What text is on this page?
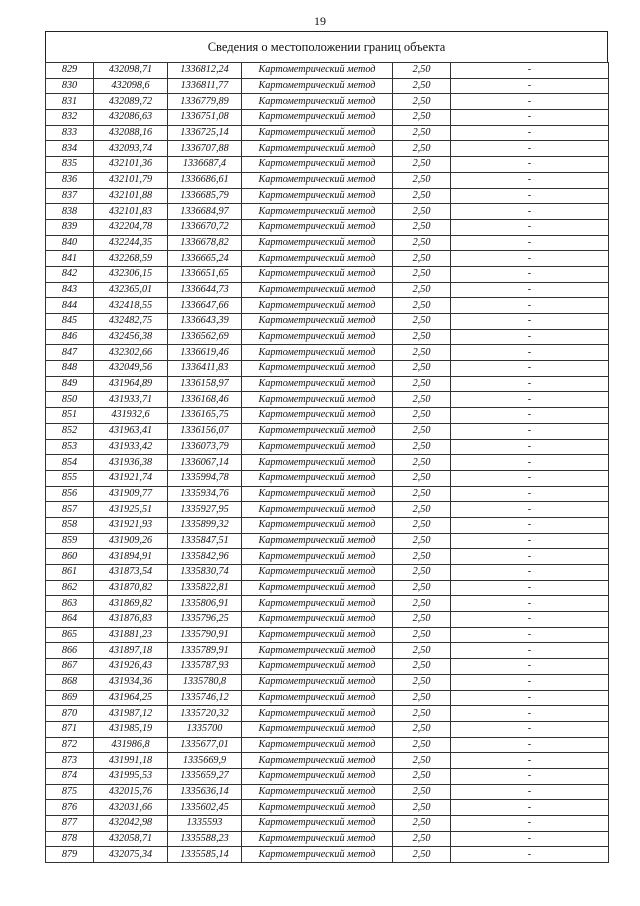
19
Сведения о местоположении границ объекта
829	432098,71	1336812,24	Картометрический метод	2,50	-
830	432098,6	1336811,77	Картометрический метод	2,50	-
831	432089,72	1336779,89	Картометрический метод	2,50	-
832	432086,63	1336751,08	Картометрический метод	2,50	-
833	432088,16	1336725,14	Картометрический метод	2,50	-
834	432093,74	1336707,88	Картометрический метод	2,50	-
835	432101,36	1336687,4	Картометрический метод	2,50	-
836	432101,79	1336686,61	Картометрический метод	2,50	-
837	432101,88	1336685,79	Картометрический метод	2,50	-
838	432101,83	1336684,97	Картометрический метод	2,50	-
839	432204,78	1336670,72	Картометрический метод	2,50	-
840	432244,35	1336678,82	Картометрический метод	2,50	-
841	432268,59	1336665,24	Картометрический метод	2,50	-
842	432306,15	1336651,65	Картометрический метод	2,50	-
843	432365,01	1336644,73	Картометрический метод	2,50	-
844	432418,55	1336647,66	Картометрический метод	2,50	-
845	432482,75	1336643,39	Картометрический метод	2,50	-
846	432456,38	1336562,69	Картометрический метод	2,50	-
847	432302,66	1336619,46	Картометрический метод	2,50	-
848	432049,56	1336411,83	Картометрический метод	2,50	-
849	431964,89	1336158,97	Картометрический метод	2,50	-
850	431933,71	1336168,46	Картометрический метод	2,50	-
851	431932,6	1336165,75	Картометрический метод	2,50	-
852	431963,41	1336156,07	Картометрический метод	2,50	-
853	431933,42	1336073,79	Картометрический метод	2,50	-
854	431936,38	1336067,14	Картометрический метод	2,50	-
855	431921,74	1335994,78	Картометрический метод	2,50	-
856	431909,77	1335934,76	Картометрический метод	2,50	-
857	431925,51	1335927,95	Картометрический метод	2,50	-
858	431921,93	1335899,32	Картометрический метод	2,50	-
859	431909,26	1335847,51	Картометрический метод	2,50	-
860	431894,91	1335842,96	Картометрический метод	2,50	-
861	431873,54	1335830,74	Картометрический метод	2,50	-
862	431870,82	1335822,81	Картометрический метод	2,50	-
863	431869,82	1335806,91	Картометрический метод	2,50	-
864	431876,83	1335796,25	Картометрический метод	2,50	-
865	431881,23	1335790,91	Картометрический метод	2,50	-
866	431897,18	1335789,91	Картометрический метод	2,50	-
867	431926,43	1335787,93	Картометрический метод	2,50	-
868	431934,36	1335780,8	Картометрический метод	2,50	-
869	431964,25	1335746,12	Картометрический метод	2,50	-
870	431987,12	1335720,32	Картометрический метод	2,50	-
871	431985,19	1335700	Картометрический метод	2,50	-
872	431986,8	1335677,01	Картометрический метод	2,50	-
873	431991,18	1335669,9	Картометрический метод	2,50	-
874	431995,53	1335659,27	Картометрический метод	2,50	-
875	432015,76	1335636,14	Картометрический метод	2,50	-
876	432031,66	1335602,45	Картометрический метод	2,50	-
877	432042,98	1335593	Картометрический метод	2,50	-
878	432058,71	1335588,23	Картометрический метод	2,50	-
879	432075,34	1335585,14	Картометрический метод	2,50	-
